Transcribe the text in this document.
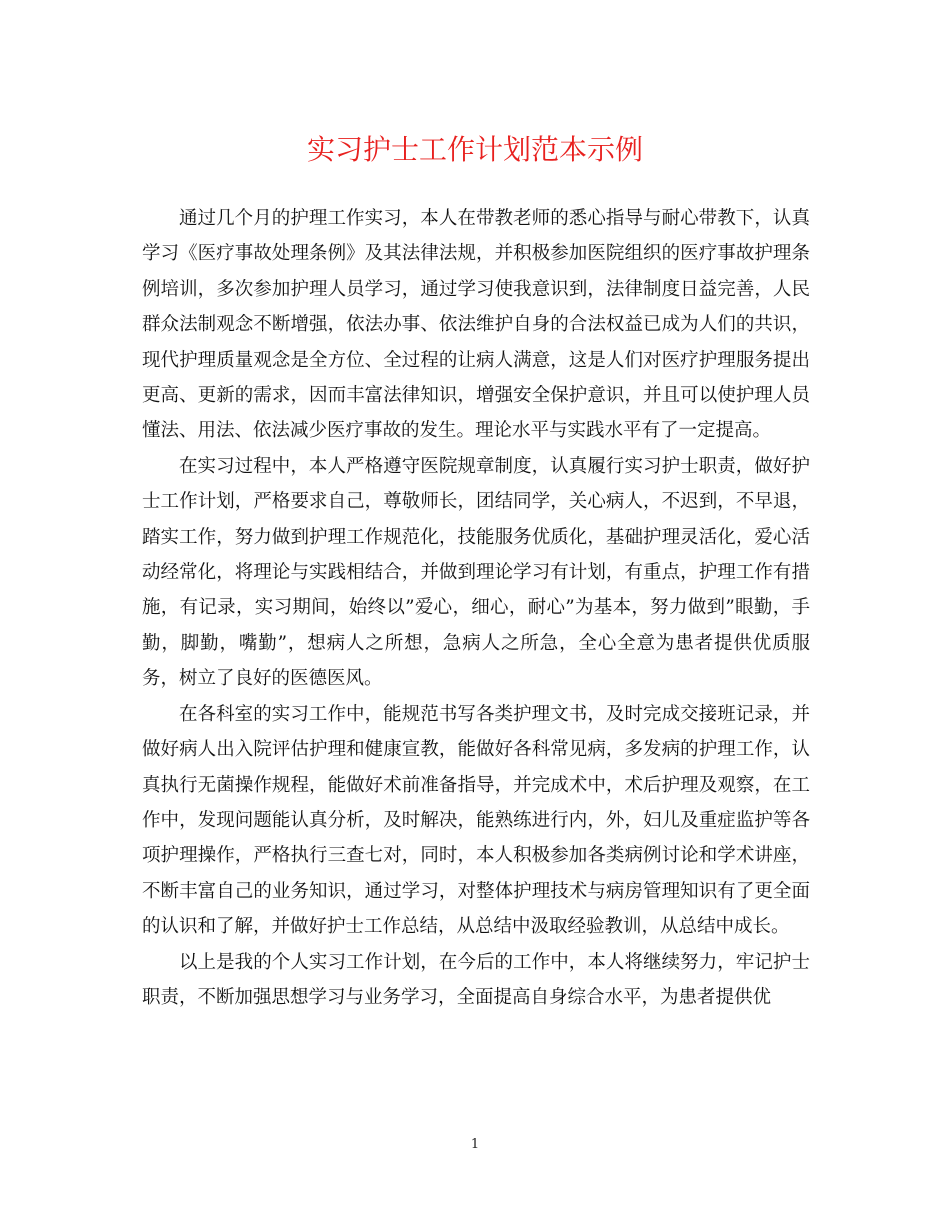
实习护士工作计划范本示例

通过几个月的护理工作实习，本人在带教老师的悉心指导与耐心带教下，认真学习《医疗事故处理条例》及其法律法规，并积极参加医院组织的医疗事故护理条例培训，多次参加护理人员学习，通过学习使我意识到，法律制度日益完善，人民群众法制观念不断增强，依法办事、依法维护自身的合法权益已成为人们的共识，现代护理质量观念是全方位、全过程的让病人满意，这是人们对医疗护理服务提出更高、更新的需求，因而丰富法律知识，增强安全保护意识，并且可以使护理人员懂法、用法、依法减少医疗事故的发生。理论水平与实践水平有了一定提高。

在实习过程中，本人严格遵守医院规章制度，认真履行实习护士职责，做好护士工作计划，严格要求自己，尊敬师长，团结同学，关心病人，不迟到，不早退，踏实工作，努力做到护理工作规范化，技能服务优质化，基础护理灵活化，爱心活动经常化，将理论与实践相结合，并做到理论学习有计划，有重点，护理工作有措施，有记录，实习期间，始终以”爱心，细心，耐心”为基本，努力做到”眼勤，手勤，脚勤，嘴勤”，想病人之所想，急病人之所急，全心全意为患者提供优质服务，树立了良好的医德医风。

在各科室的实习工作中，能规范书写各类护理文书，及时完成交接班记录，并做好病人出入院评估护理和健康宣教，能做好各科常见病，多发病的护理工作，认真执行无菌操作规程，能做好术前准备指导，并完成术中，术后护理及观察，在工作中，发现问题能认真分析，及时解决，能熟练进行内，外，妇儿及重症监护等各项护理操作，严格执行三查七对，同时，本人积极参加各类病例讨论和学术讲座，不断丰富自己的业务知识，通过学习，对整体护理技术与病房管理知识有了更全面的认识和了解，并做好护士工作总结，从总结中汲取经验教训，从总结中成长。

以上是我的个人实习工作计划，在今后的工作中，本人将继续努力，牢记护士职责，不断加强思想学习与业务学习，全面提高自身综合水平，为患者提供优

1
